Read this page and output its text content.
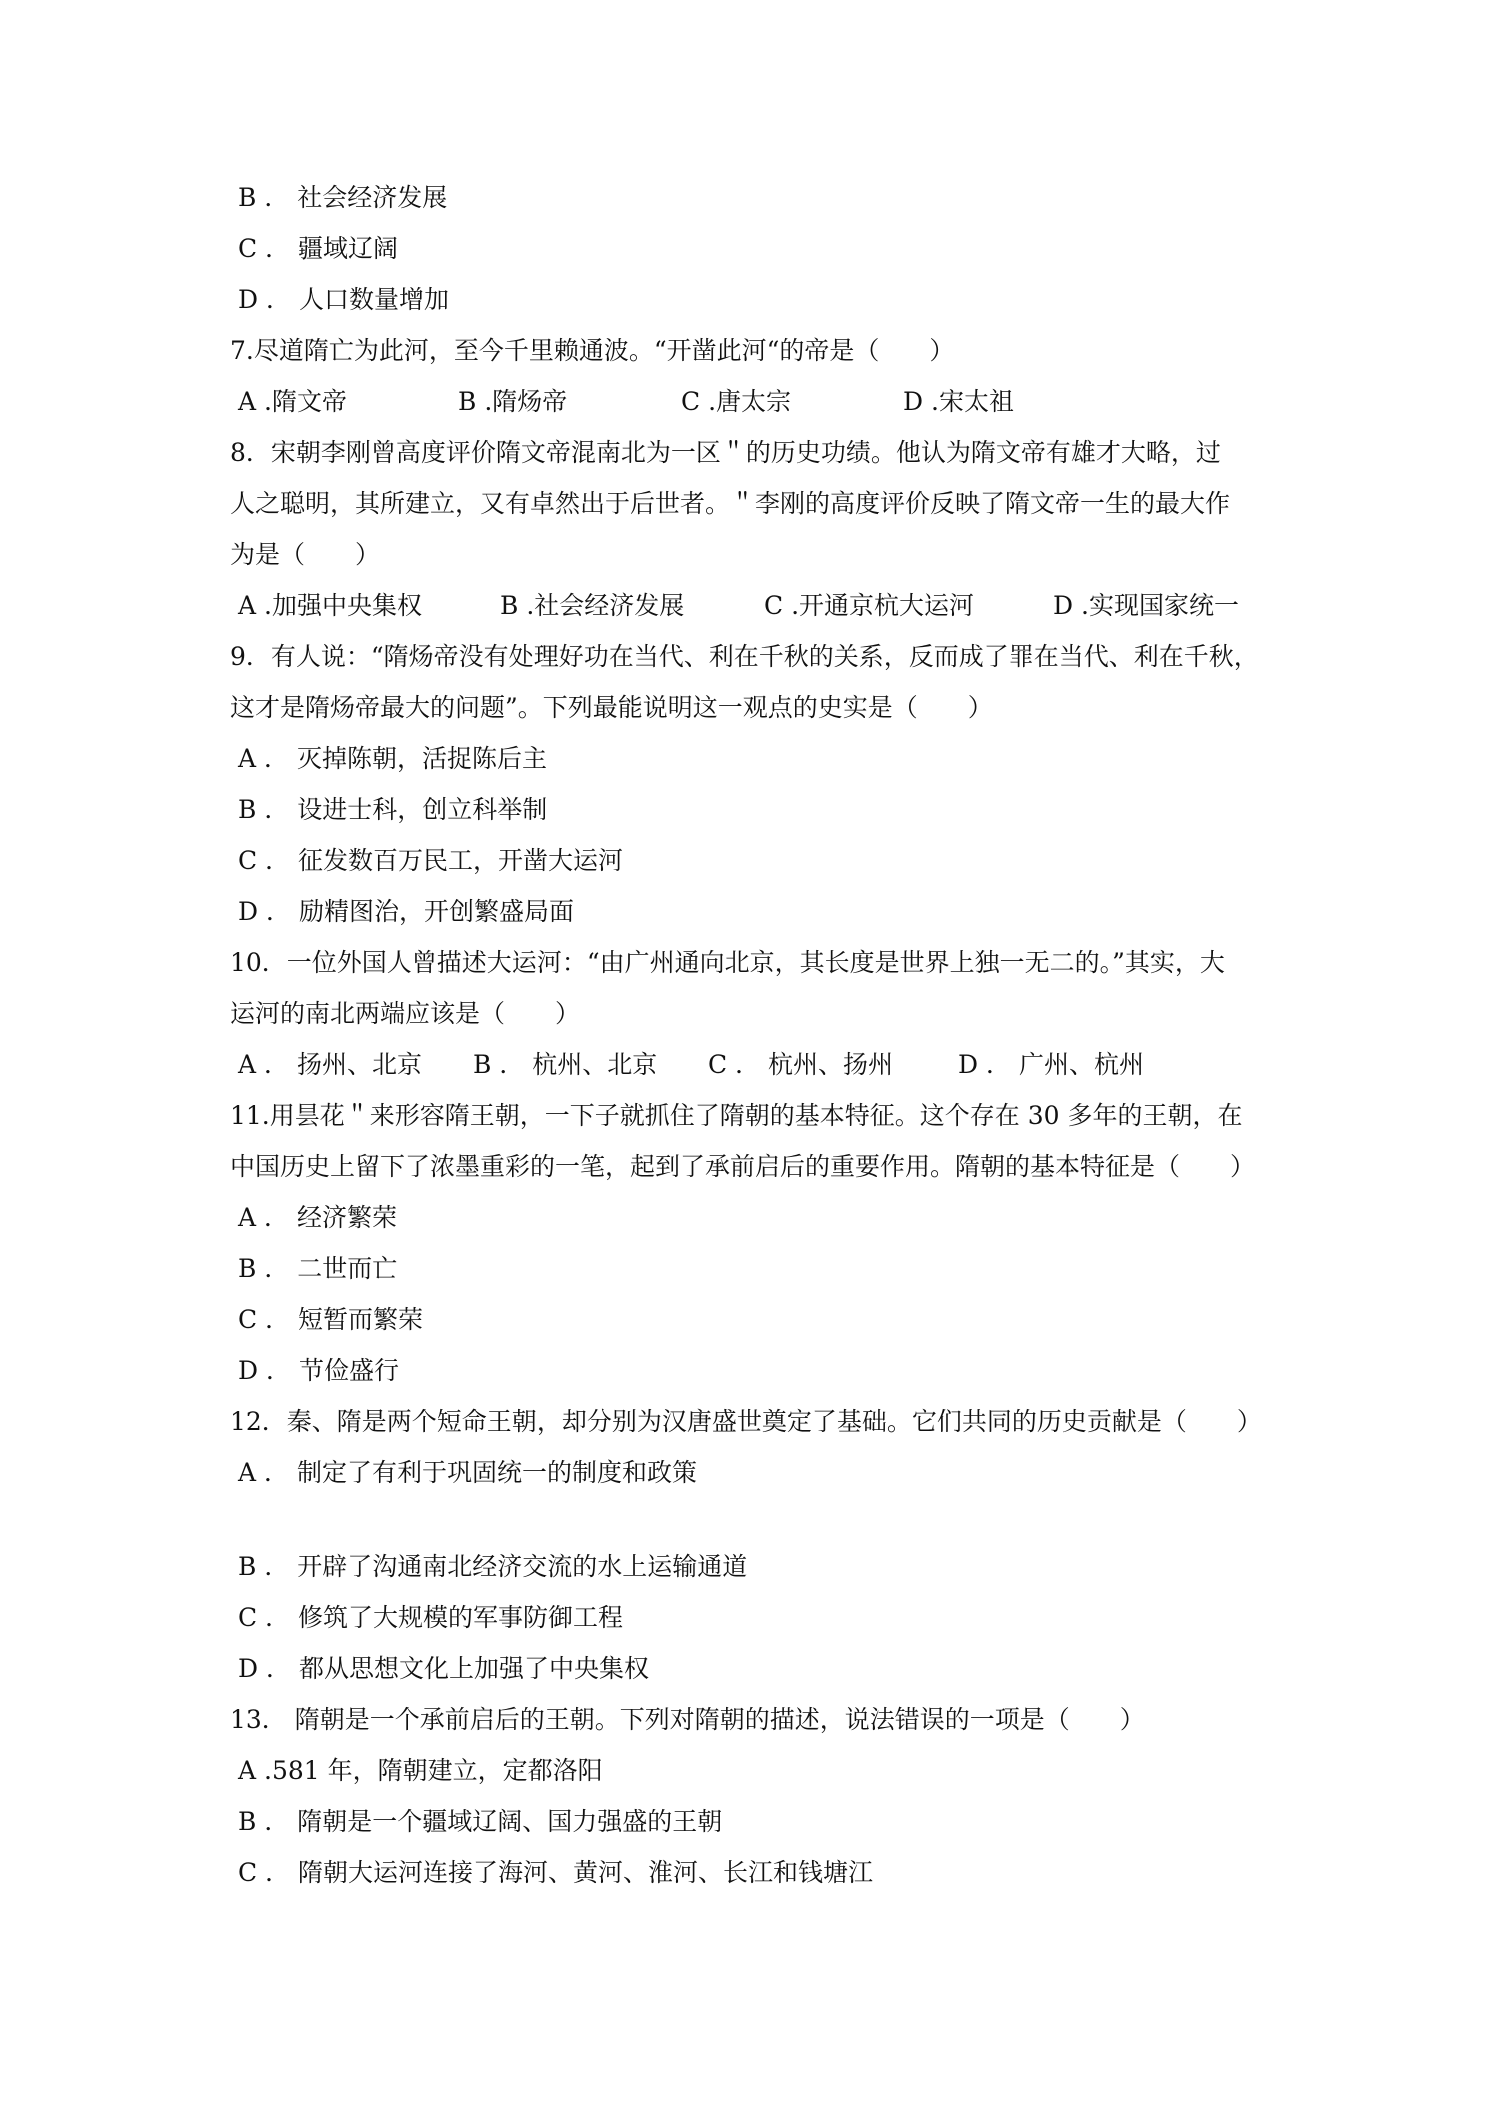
B ． 社会经济发展
C ． 疆域辽阔
D ． 人口数量增加
7.尽道隋亡为此河，至今千里赖通波。“开凿此河“的帝是（　　）

A .隋文帝

	B .隋炀帝

	C .唐太宗

	D .宋太祖

8．宋朝李刚曾高度评价隋文帝混南北为一区＂的历史功绩。他认为隋文帝有雄才大略，过
人之聪明，其所建立，又有卓然出于后世者。＂李刚的高度评价反映了隋文帝一生的最大作
为是（　　）

A .加强中央集权

	B .社会经济发展

	C .开通京杭大运河

	D .实现国家统一

9．有人说：“隋炀帝没有处理好功在当代、利在千秋的关系，反而成了罪在当代、利在千秋，
这才是隋炀帝最大的问题”。下列最能说明这一观点的史实是（　　）
A ． 灭掉陈朝，活捉陈后主
B ． 设进士科，创立科举制
C ． 征发数百万民工，开凿大运河
D ． 励精图治，开创繁盛局面
10．一位外国人曾描述大运河：“由广州通向北京，其长度是世界上独一无二的。”其实，大
运河的南北两端应该是（　　）

A ． 扬州、北京

B ． 杭州、北京

C ． 杭州、扬州

	D ． 广州、杭州

11.用昙花＂来形容隋王朝，一下子就抓住了隋朝的基本特征。这个存在 30 多年的王朝，在
中国历史上留下了浓墨重彩的一笔，起到了承前启后的重要作用。隋朝的基本特征是（　　）
A ． 经济繁荣
B ． 二世而亡
C ． 短暂而繁荣
D ． 节俭盛行
12．秦、隋是两个短命王朝，却分别为汉唐盛世奠定了基础。它们共同的历史贡献是（　　）
A ． 制定了有利于巩固统一的制度和政策
B ． 开辟了沟通南北经济交流的水上运输通道
C ． 修筑了大规模的军事防御工程
D ． 都从思想文化上加强了中央集权
13． 隋朝是一个承前启后的王朝。下列对隋朝的描述，说法错误的一项是（　　）
A .581 年，隋朝建立，定都洛阳
B ． 隋朝是一个疆域辽阔、国力强盛的王朝
C ． 隋朝大运河连接了海河、黄河、淮河、长江和钱塘江
